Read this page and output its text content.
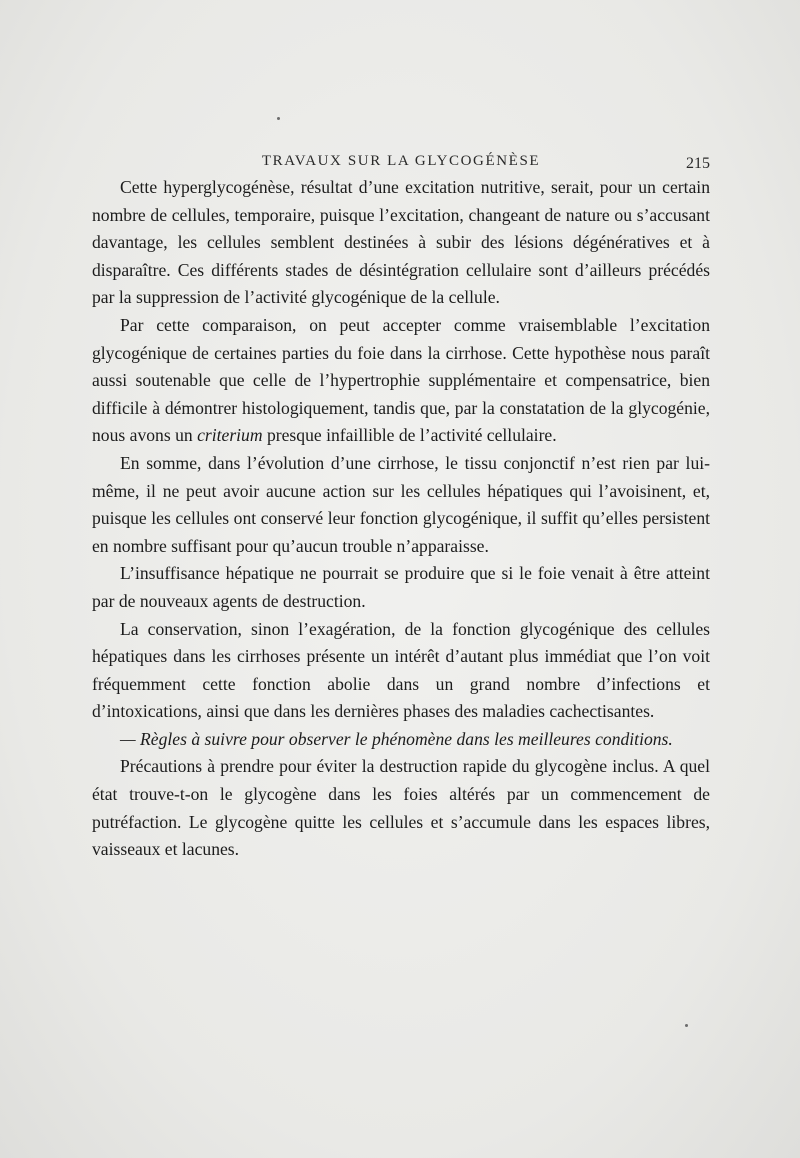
TRAVAUX SUR LA GLYCOGÉNÈSE	215

Cette hyperglycogénèse, résultat d’une excitation nutritive, serait, pour un certain nombre de cellules, temporaire, puisque l’excitation, changeant de nature ou s’accusant davantage, les cellules semblent destinées à subir des lésions dégénératives et à disparaître. Ces différents stades de désintégration cellulaire sont d’ailleurs précédés par la suppression de l’activité glycogénique de la cellule.

Par cette comparaison, on peut accepter comme vraisemblable l’excitation glycogénique de certaines parties du foie dans la cirrhose. Cette hypothèse nous paraît aussi soutenable que celle de l’hypertrophie supplémentaire et compensatrice, bien difficile à démontrer histologiquement, tandis que, par la constatation de la glycogénie, nous avons un criterium presque infaillible de l’activité cellulaire.

En somme, dans l’évolution d’une cirrhose, le tissu conjonctif n’est rien par lui-même, il ne peut avoir aucune action sur les cellules hépatiques qui l’avoisinent, et, puisque les cellules ont conservé leur fonction glycogénique, il suffit qu’elles persistent en nombre suffisant pour qu’aucun trouble n’apparaisse.

L’insuffisance hépatique ne pourrait se produire que si le foie venait à être atteint par de nouveaux agents de destruction.

La conservation, sinon l’exagération, de la fonction glycogénique des cellules hépatiques dans les cirrhoses présente un intérêt d’autant plus immédiat que l’on voit fréquemment cette fonction abolie dans un grand nombre d’infections et d’intoxications, ainsi que dans les dernières phases des maladies cachectisantes.

— Règles à suivre pour observer le phénomène dans les meilleures conditions.

Précautions à prendre pour éviter la destruction rapide du glycogène inclus. A quel état trouve-t-on le glycogène dans les foies altérés par un commencement de putréfaction. Le glycogène quitte les cellules et s’accumule dans les espaces libres, vaisseaux et lacunes.
